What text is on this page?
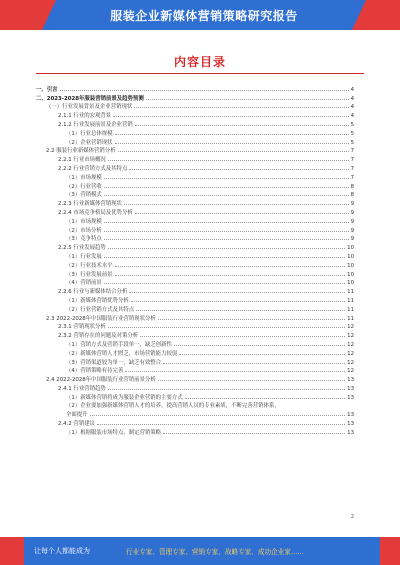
服装企业新媒体营销策略研究报告
内容目录
一、引言	4
二、2023-2028年服装营销前景及趋势预测	4
（一）行业发展背景及企业营销现状	4
2.1.1 行业的宏观背景	4
2.1.2 行业发展前景及企业营销	5
（1）行业总体规模	5
（2）企业营销现状	5
2.2 服装行业新媒体营销分析	7
2.2.1 行业市场概况	7
2.2.2 行业营销方式及其特点	7
（1）市场规模	7
（2）行业营收	8
（3）营销模式	8
2.2.3 行业新媒体营销现状	9
2.2.4 市场竞争格局及优势分析	9
（1）市场规模	9
（2）市场分析	9
（3）竞争特点	9
2.2.5 行业发展趋势	10
（1）行业发展	10
（2）行业技术水平	10
（3）行业发展前景	10
（4）营销前景	10
2.2.6 行业与新媒体结合分析	11
（1）新媒体营销优势分析	11
（2）行业营销方式及其特点	11
2.3 2022-2028年中国服装行业营销现状分析	11
2.3.1 营销现状分析	12
2.3.2 营销存在的问题及对策分析	12
（1）营销方式及营销手段单一，缺乏创新性	12
（2）新媒体营销人才匮乏，市场营销能力较弱	12
（3）营销渠道较为单一，缺乏有效整合	12
（4）营销策略有待完善	12
2.4 2022-2028年中国服装行业营销前景分析	13
2.4.1 行业营销趋势	13
（1）新媒体营销将成为服装企业营销的主要方式	13
（2）企业要加强新媒体营销人才的培养，提高营销人员的专业素质，不断完善营销体系，
全面提升	13
2.4.2 营销建议	13
（1）根据服装市场特点，制定营销策略	13
2
让每个人都能成为	行业专家、管理专家、营销专家、战略专家、成功企业家……
